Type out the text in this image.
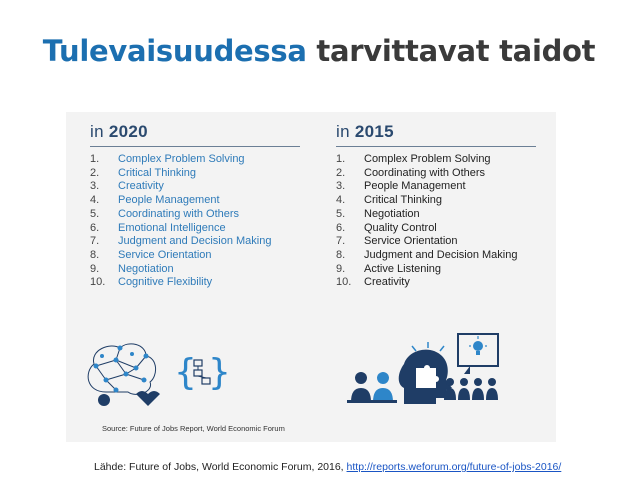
Tulevaisuudessa tarvittavat taidot
in 2020
1.	Complex Problem Solving
2.	Critical Thinking
3.	Creativity
4.	People Management
5.	Coordinating with Others
6.	Emotional Intelligence
7.	Judgment and Decision Making
8.	Service Orientation
9.	Negotiation
10.	Cognitive Flexibility
in 2015
1.	Complex Problem Solving
2.	Coordinating with Others
3.	People Management
4.	Critical Thinking
5.	Negotiation
6.	Quality Control
7.	Service Orientation
8.	Judgment and Decision Making
9.	Active Listening
10.	Creativity
{ }
Source: Future of Jobs Report, World Economic Forum
Lähde: Future of Jobs, World Economic Forum, 2016, http://reports.weforum.org/future-of-jobs-2016/
